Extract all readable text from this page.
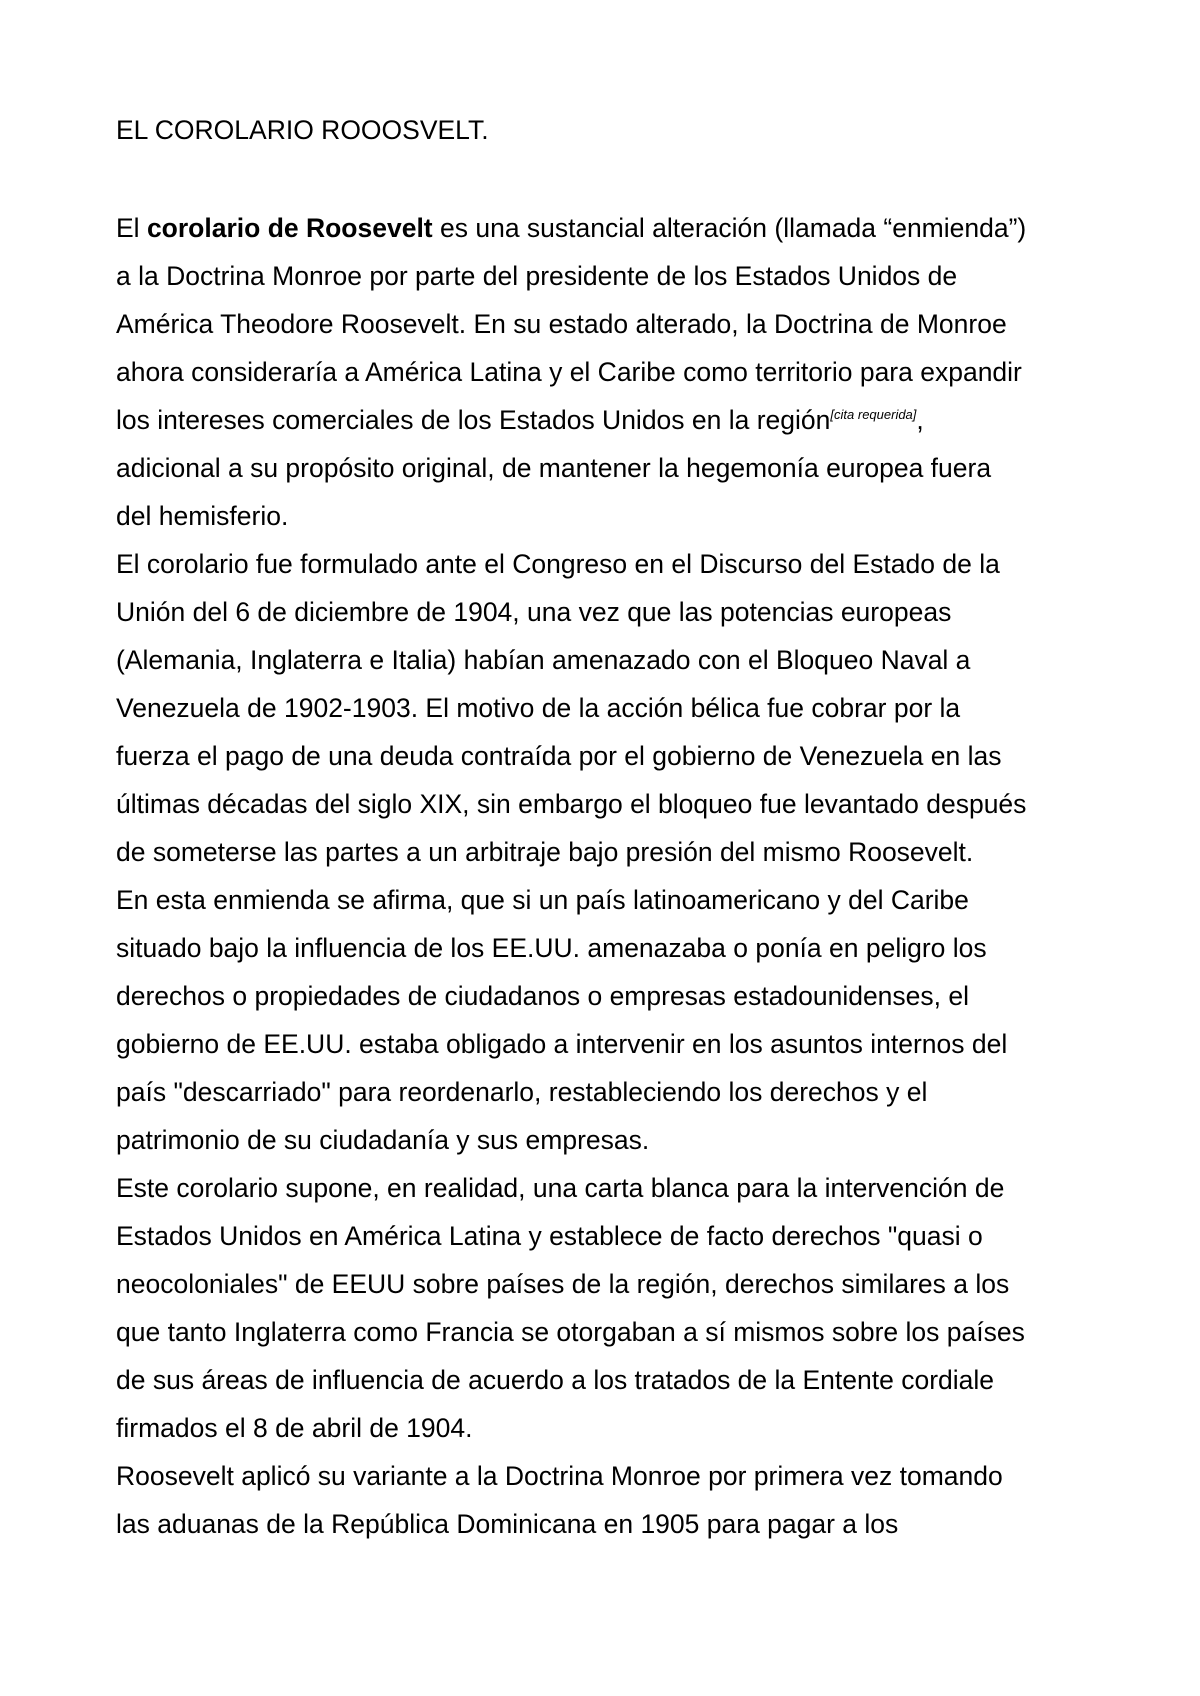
EL COROLARIO ROOOSVELT.

El corolario de Roosevelt es una sustancial alteración (llamada “enmienda”)
a la Doctrina Monroe por parte del presidente de los Estados Unidos de
América Theodore Roosevelt. En su estado alterado, la Doctrina de Monroe
ahora consideraría a América Latina y el Caribe como territorio para expandir
los intereses comerciales de los Estados Unidos en la región[cita requerida],
adicional a su propósito original, de mantener la hegemonía europea fuera
del hemisferio.

El corolario fue formulado ante el Congreso en el Discurso del Estado de la
Unión del 6 de diciembre de 1904, una vez que las potencias europeas
(Alemania, Inglaterra e Italia) habían amenazado con el Bloqueo Naval a
Venezuela de 1902-1903. El motivo de la acción bélica fue cobrar por la
fuerza el pago de una deuda contraída por el gobierno de Venezuela en las
últimas décadas del siglo XIX, sin embargo el bloqueo fue levantado después
de someterse las partes a un arbitraje bajo presión del mismo Roosevelt.

En esta enmienda se afirma, que si un país latinoamericano y del Caribe
situado bajo la influencia de los EE.UU. amenazaba o ponía en peligro los
derechos o propiedades de ciudadanos o empresas estadounidenses, el
gobierno de EE.UU. estaba obligado a intervenir en los asuntos internos del
país "descarriado" para reordenarlo, restableciendo los derechos y el
patrimonio de su ciudadanía y sus empresas.

Este corolario supone, en realidad, una carta blanca para la intervención de
Estados Unidos en América Latina y establece de facto derechos "quasi o
neocoloniales" de EEUU sobre países de la región, derechos similares a los
que tanto Inglaterra como Francia se otorgaban a sí mismos sobre los países
de sus áreas de influencia de acuerdo a los tratados de la Entente cordiale
firmados el 8 de abril de 1904.

Roosevelt aplicó su variante a la Doctrina Monroe por primera vez tomando
las aduanas de la República Dominicana en 1905 para pagar a los
